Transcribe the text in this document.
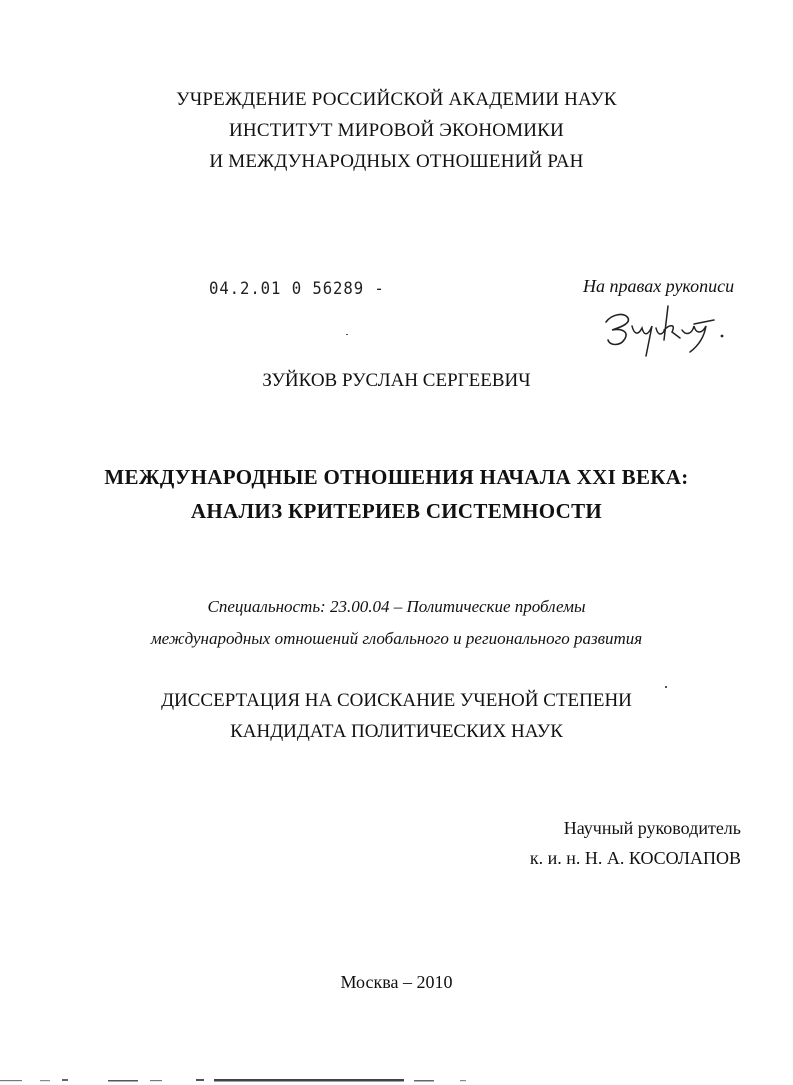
УЧРЕЖДЕНИЕ РОССИЙСКОЙ АКАДЕМИИ НАУК
ИНСТИТУТ МИРОВОЙ ЭКОНОМИКИ
И МЕЖДУНАРОДНЫХ ОТНОШЕНИЙ РАН
04.2.01 0 56289 -	На правах рукописи
ЗУЙКОВ РУСЛАН СЕРГЕЕВИЧ
МЕЖДУНАРОДНЫЕ ОТНОШЕНИЯ НАЧАЛА XXI ВЕКА:
АНАЛИЗ КРИТЕРИЕВ СИСТЕМНОСТИ
Специальность: 23.00.04 – Политические проблемы
международных отношений глобального и регионального развития
ДИССЕРТАЦИЯ НА СОИСКАНИЕ УЧЕНОЙ СТЕПЕНИ
КАНДИДАТА ПОЛИТИЧЕСКИХ НАУК
Научный руководитель
к. и. н. Н. А. КОСОЛАПОВ
Москва – 2010
